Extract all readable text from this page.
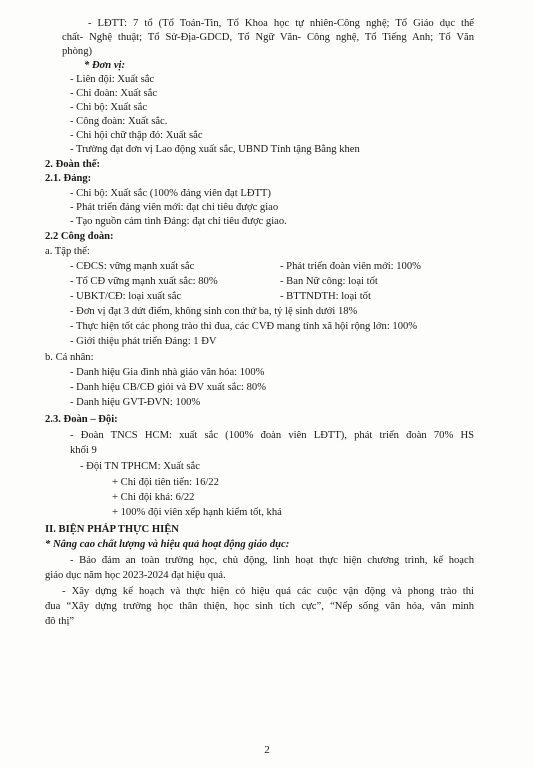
- LĐTT: 7 tổ (Tổ Toán-Tin, Tổ Khoa học tự nhiên-Công nghệ; Tổ Giáo dục thể
chất- Nghệ thuật; Tổ Sử-Địa-GDCD, Tổ Ngữ Văn- Công nghệ, Tổ Tiếng Anh; Tổ Văn
phòng)
* Đơn vị:
- Liên đội: Xuất sắc
- Chi đoàn: Xuất sắc
- Chi bộ: Xuất sắc
- Công đoàn: Xuất sắc.
- Chi hội chữ thập đỏ: Xuất sắc
- Trường đạt đơn vị Lao động xuất sắc, UBND Tỉnh tặng Bằng khen
2. Đoàn thể:
2.1. Đảng:
- Chi bộ: Xuất sắc (100% đảng viên đạt LĐTT)
- Phát triển đảng viên mới: đạt chỉ tiêu được giao
- Tạo nguồn cảm tình Đảng: đạt chỉ tiêu được giao.
2.2 Công đoàn:
a. Tập thể:
- CĐCS: vững mạnh xuất sắc	- Phát triển đoàn viên mới: 100%
- Tổ CĐ vững mạnh xuất sắc: 80%	- Ban Nữ công: loại tốt
- UBKT/CĐ: loại xuất sắc	- BTTNDTH: loại tốt
- Đơn vị đạt 3 dứt điểm, không sinh con thứ ba, tỷ lệ sinh dưới 18%
- Thực hiện tốt các phong trào thi đua, các CVĐ mang tính xã hội rộng lớn: 100%
- Giới thiệu phát triển Đảng: 1 ĐV
b. Cá nhân:
- Danh hiệu Gia đình nhà giáo văn hóa: 100%
- Danh hiệu CB/CĐ giỏi và ĐV xuất sắc: 80%
- Danh hiệu GVT-ĐVN: 100%
2.3. Đoàn – Đội:
- Đoàn TNCS HCM: xuất sắc (100% đoàn viên LĐTT), phát triển đoàn 70% HS
khối 9
- Đội TN TPHCM: Xuất sắc
+ Chi đội tiên tiến: 16/22
+ Chi đội khá: 6/22
+ 100% đội viên xếp hạnh kiểm tốt, khá
II. BIỆN PHÁP THỰC HIỆN
* Nâng cao chất lượng và hiệu quả hoạt động giáo dục:
- Bảo đảm an toàn trường học, chủ động, linh hoạt thực hiện chương trình, kế hoạch
giáo dục năm học 2023-2024 đạt hiệu quả.
- Xây dựng kế hoạch và thực hiện có hiệu quả các cuộc vận động và phong trào thi
đua “Xây dựng trường học thân thiện, học sinh tích cực”, “Nếp sống văn hóa, văn minh
đô thị”
2
